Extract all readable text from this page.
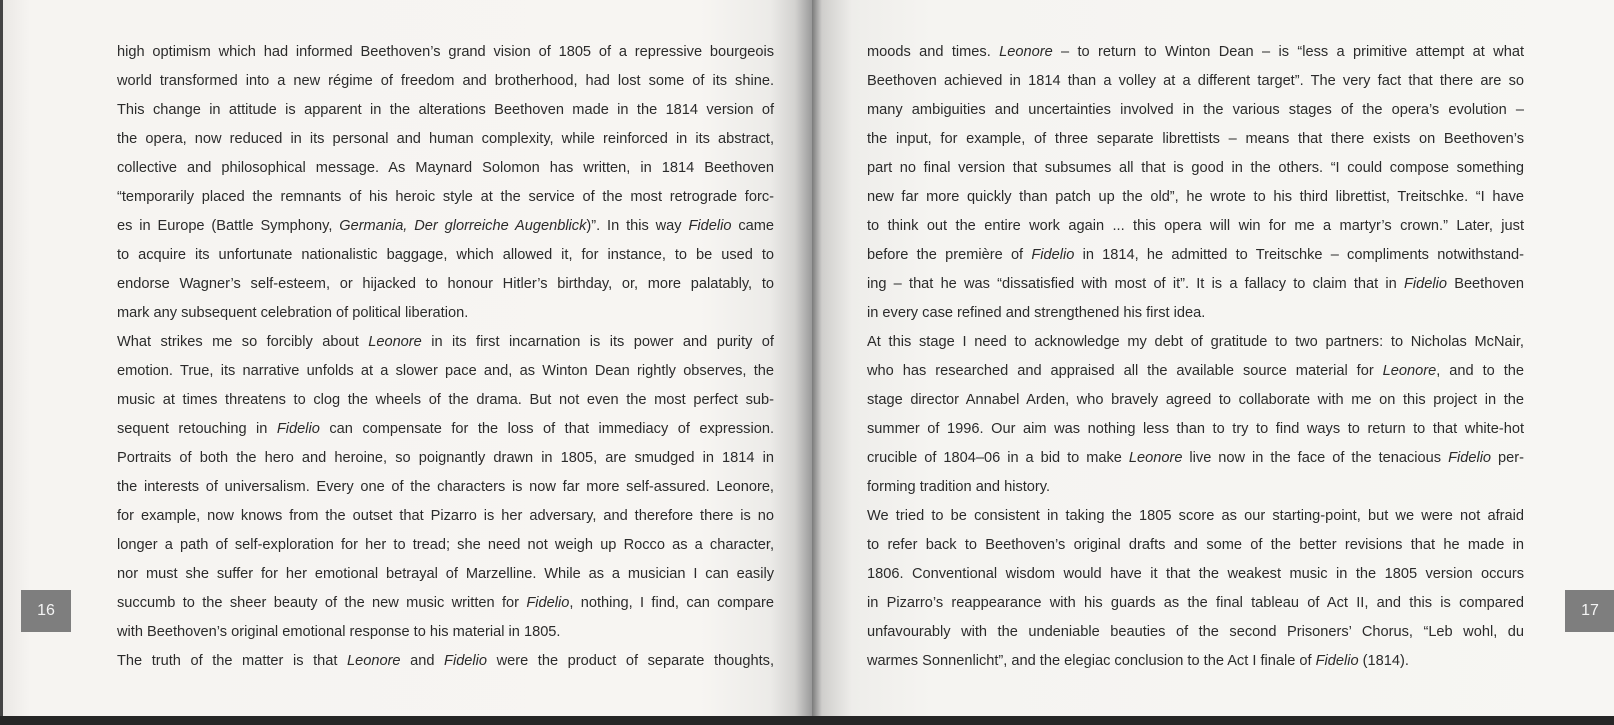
high optimism which had informed Beethoven’s grand vision of 1805 of a repressive bourgeois
world transformed into a new régime of freedom and brotherhood, had lost some of its shine.
This change in attitude is apparent in the alterations Beethoven made in the 1814 version of
the opera, now reduced in its personal and human complexity, while reinforced in its abstract,
collective and philosophical message. As Maynard Solomon has written, in 1814 Beethoven
“temporarily placed the remnants of his heroic style at the service of the most retrograde forc-
es in Europe (Battle Symphony, Germania, Der glorreiche Augenblick)”. In this way Fidelio came
to acquire its unfortunate nationalistic baggage, which allowed it, for instance, to be used to
endorse Wagner’s self-esteem, or hijacked to honour Hitler’s birthday, or, more palatably, to
mark any subsequent celebration of political liberation.

What strikes me so forcibly about Leonore in its first incarnation is its power and purity of
emotion. True, its narrative unfolds at a slower pace and, as Winton Dean rightly observes, the
music at times threatens to clog the wheels of the drama. But not even the most perfect sub-
sequent retouching in Fidelio can compensate for the loss of that immediacy of expression.
Portraits of both the hero and heroine, so poignantly drawn in 1805, are smudged in 1814 in
the interests of universalism. Every one of the characters is now far more self-assured. Leonore,
for example, now knows from the outset that Pizarro is her adversary, and therefore there is no
longer a path of self-exploration for her to tread; she need not weigh up Rocco as a character,
nor must she suffer for her emotional betrayal of Marzelline. While as a musician I can easily
succumb to the sheer beauty of the new music written for Fidelio, nothing, I find, can compare
with Beethoven’s original emotional response to his material in 1805.

The truth of the matter is that Leonore and Fidelio were the product of separate thoughts,

16

moods and times. Leonore – to return to Winton Dean – is “less a primitive attempt at what
Beethoven achieved in 1814 than a volley at a different target”. The very fact that there are so
many ambiguities and uncertainties involved in the various stages of the opera’s evolution –
the input, for example, of three separate librettists – means that there exists on Beethoven’s
part no final version that subsumes all that is good in the others. “I could compose something
new far more quickly than patch up the old”, he wrote to his third librettist, Treitschke. “I have
to think out the entire work again ... this opera will win for me a martyr’s crown.” Later, just
before the première of Fidelio in 1814, he admitted to Treitschke – compliments notwithstand-
ing – that he was “dissatisfied with most of it”. It is a fallacy to claim that in Fidelio Beethoven
in every case refined and strengthened his first idea.

At this stage I need to acknowledge my debt of gratitude to two partners: to Nicholas McNair,
who has researched and appraised all the available source material for Leonore, and to the
stage director Annabel Arden, who bravely agreed to collaborate with me on this project in the
summer of 1996. Our aim was nothing less than to try to find ways to return to that white-hot
crucible of 1804–06 in a bid to make Leonore live now in the face of the tenacious Fidelio per-
forming tradition and history.

We tried to be consistent in taking the 1805 score as our starting-point, but we were not afraid
to refer back to Beethoven’s original drafts and some of the better revisions that he made in
1806. Conventional wisdom would have it that the weakest music in the 1805 version occurs
in Pizarro’s reappearance with his guards as the final tableau of Act II, and this is compared
unfavourably with the undeniable beauties of the second Prisoners’ Chorus, “Leb wohl, du
warmes Sonnenlicht”, and the elegiac conclusion to the Act I finale of Fidelio (1814).

17
